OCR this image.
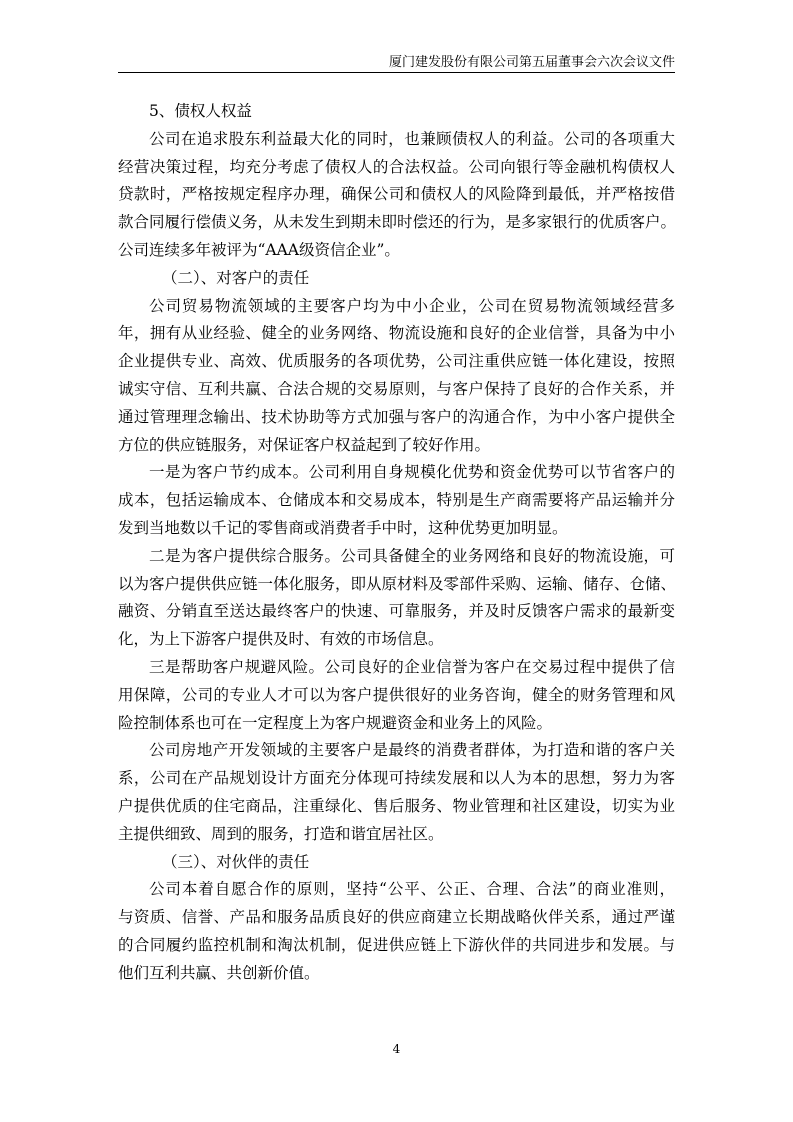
厦门建发股份有限公司第五届董事会六次会议文件
5、债权人权益
公司在追求股东利益最大化的同时，也兼顾债权人的利益。公司的各项重大
经营决策过程，均充分考虑了债权人的合法权益。公司向银行等金融机构债权人
贷款时，严格按规定程序办理，确保公司和债权人的风险降到最低，并严格按借
款合同履行偿债义务，从未发生到期未即时偿还的行为，是多家银行的优质客户。
公司连续多年被评为“AAA级资信企业”。
（二）、对客户的责任
公司贸易物流领域的主要客户均为中小企业，公司在贸易物流领域经营多
年，拥有从业经验、健全的业务网络、物流设施和良好的企业信誉，具备为中小
企业提供专业、高效、优质服务的各项优势，公司注重供应链一体化建设，按照
诚实守信、互利共赢、合法合规的交易原则，与客户保持了良好的合作关系，并
通过管理理念输出、技术协助等方式加强与客户的沟通合作，为中小客户提供全
方位的供应链服务，对保证客户权益起到了较好作用。
一是为客户节约成本。公司利用自身规模化优势和资金优势可以节省客户的
成本，包括运输成本、仓储成本和交易成本，特别是生产商需要将产品运输并分
发到当地数以千记的零售商或消费者手中时，这种优势更加明显。
二是为客户提供综合服务。公司具备健全的业务网络和良好的物流设施，可
以为客户提供供应链一体化服务，即从原材料及零部件采购、运输、储存、仓储、
融资、分销直至送达最终客户的快速、可靠服务，并及时反馈客户需求的最新变
化，为上下游客户提供及时、有效的市场信息。
三是帮助客户规避风险。公司良好的企业信誉为客户在交易过程中提供了信
用保障，公司的专业人才可以为客户提供很好的业务咨询，健全的财务管理和风
险控制体系也可在一定程度上为客户规避资金和业务上的风险。
公司房地产开发领域的主要客户是最终的消费者群体，为打造和谐的客户关
系，公司在产品规划设计方面充分体现可持续发展和以人为本的思想，努力为客
户提供优质的住宅商品，注重绿化、售后服务、物业管理和社区建设，切实为业
主提供细致、周到的服务，打造和谐宜居社区。
（三）、对伙伴的责任
公司本着自愿合作的原则，坚持“公平、公正、合理、合法”的商业准则，
与资质、信誉、产品和服务品质良好的供应商建立长期战略伙伴关系，通过严谨
的合同履约监控机制和淘汰机制，促进供应链上下游伙伴的共同进步和发展。与
他们互利共赢、共创新价值。
4
